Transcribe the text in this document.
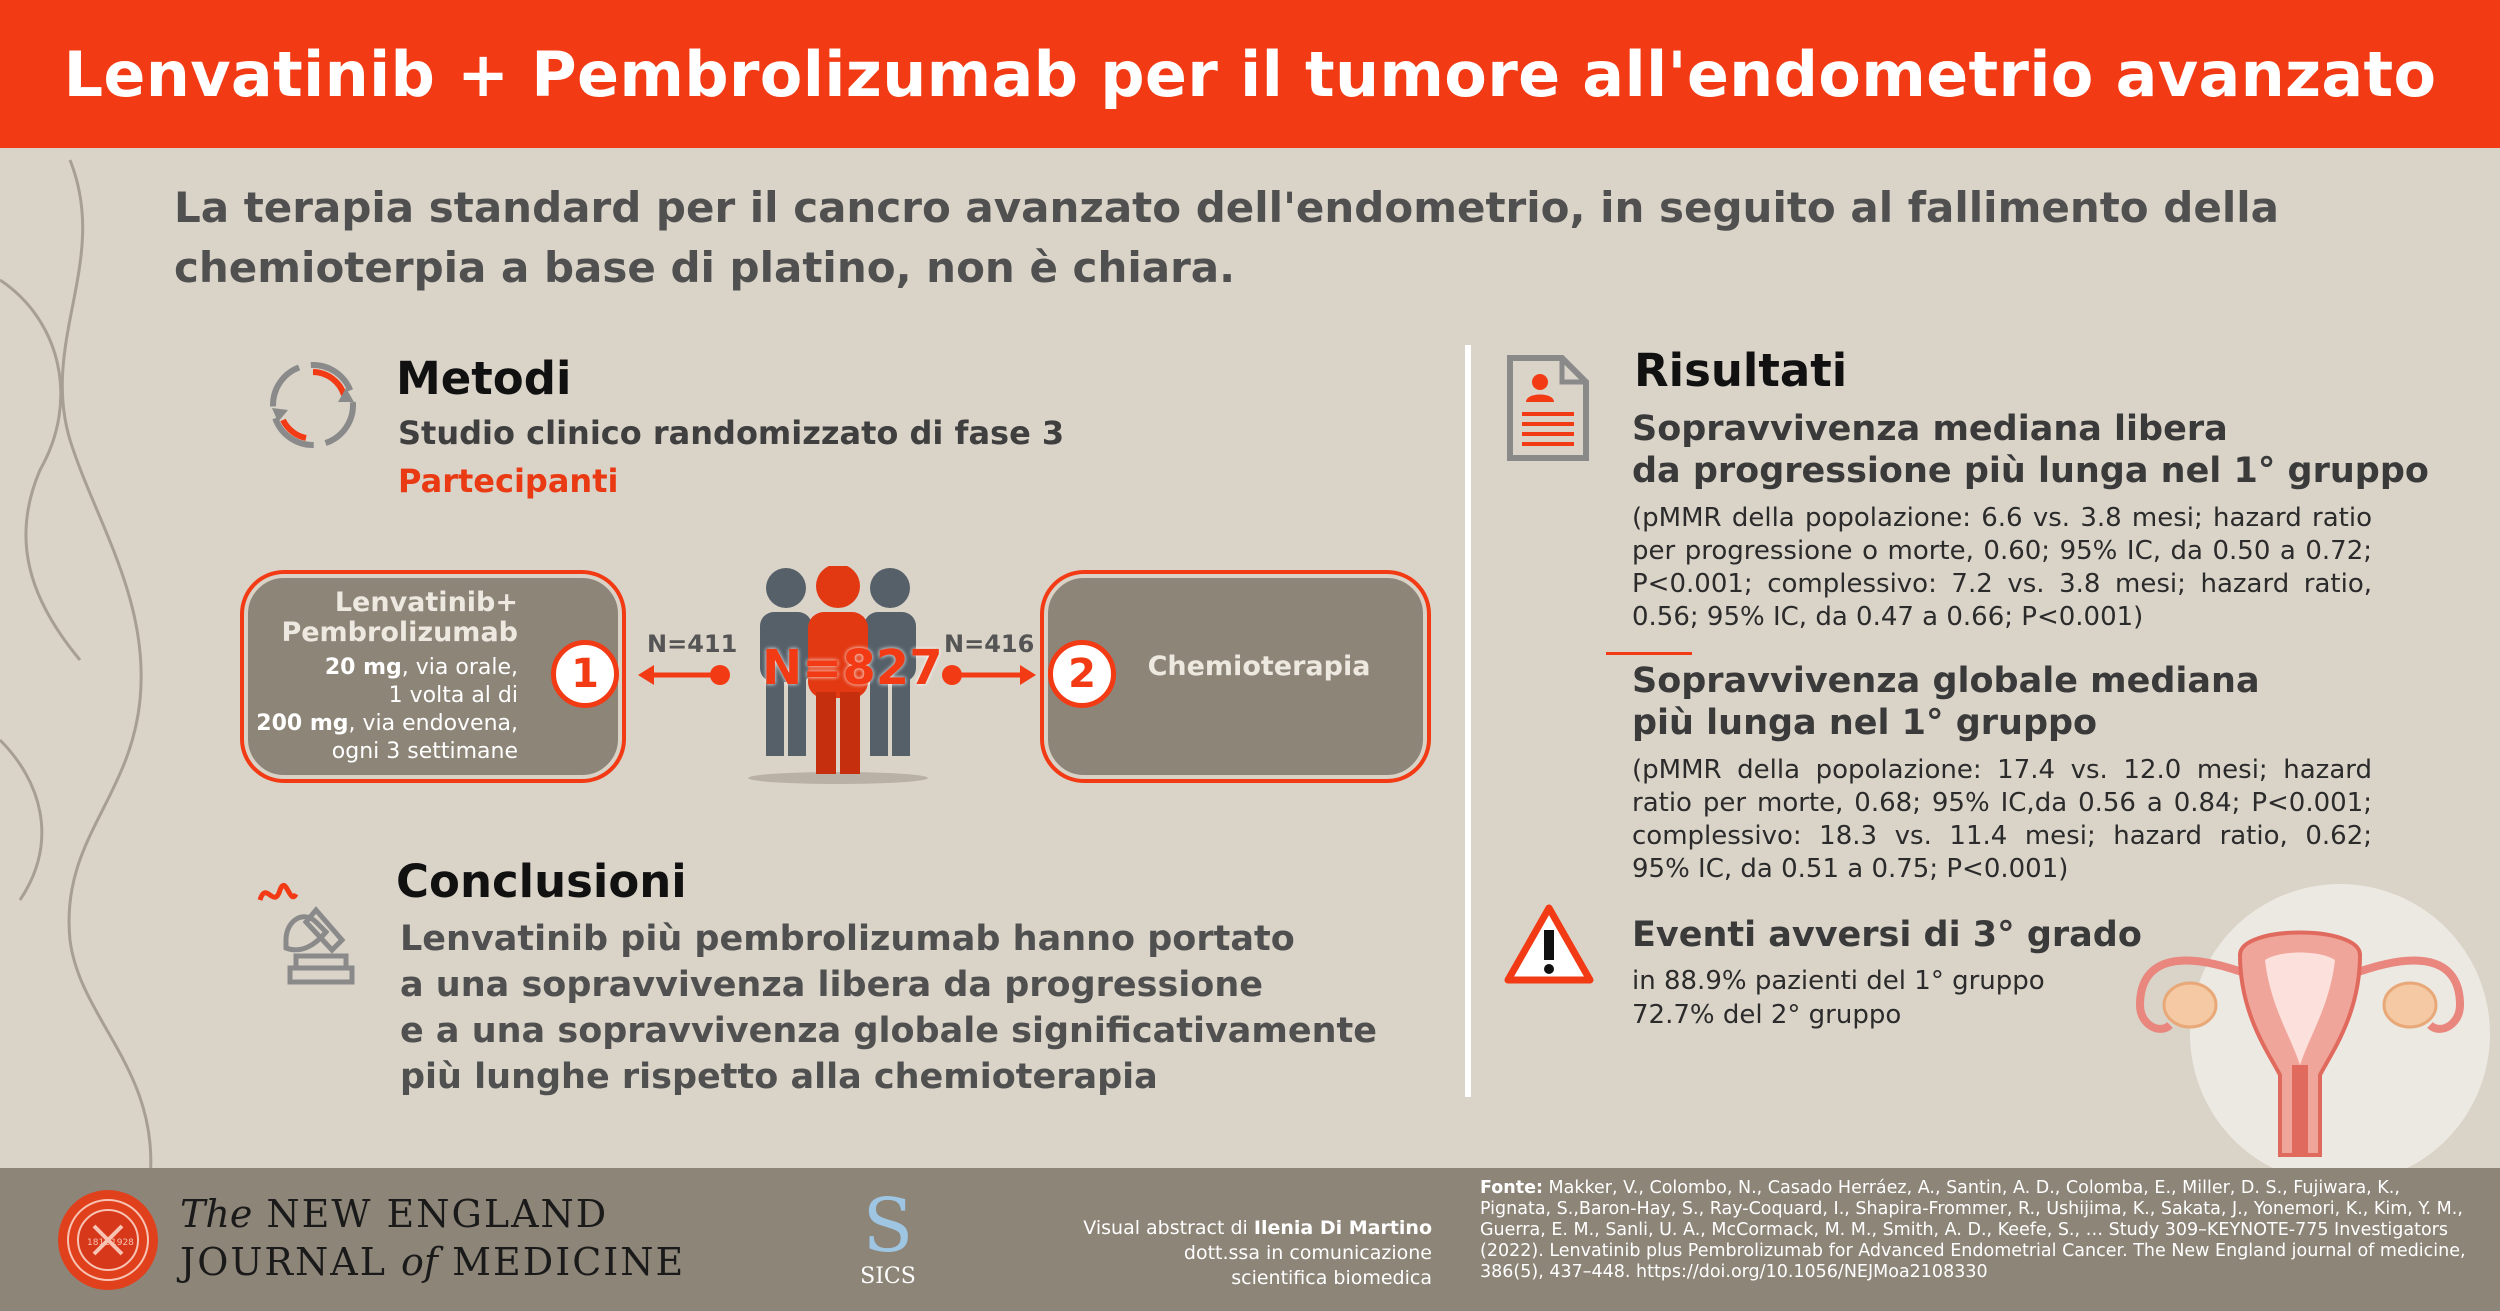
Lenvatinib + Pembrolizumab per il tumore all'endometrio avanzato
La terapia standard per il cancro avanzato dell'endometrio, in seguito al fallimento della chemioterpia a base di platino, non è chiara.
Metodi
Studio clinico randomizzato di fase 3
Partecipanti
Lenvatinib+
Pembrolizumab
20 mg, via orale,
1 volta al di
200 mg, via endovena,
ogni 3 settimane
1
N=411	N=416
N=827	2	Chemioterapia
Conclusioni
Lenvatinib più pembrolizumab hanno portato
a una sopravvivenza libera da progressione
e a una sopravvivenza globale significativamente
più lunghe rispetto alla chemioterapia
Risultati
Sopravvivenza mediana libera
da progressione più lunga nel 1° gruppo
(pMMR della popolazione: 6.6 vs. 3.8 mesi; hazard ratio per progressione o morte, 0.60; 95% IC, da 0.50 a 0.72; P<0.001; complessivo: 7.2 vs. 3.8 mesi; hazard ratio, 0.56; 95% IC, da 0.47 a 0.66; P<0.001)
Sopravvivenza globale mediana
più lunga nel 1° gruppo
(pMMR della popolazione: 17.4 vs. 12.0 mesi; hazard ratio per morte, 0.68; 95% IC,da 0.56 a 0.84; P<0.001; complessivo: 18.3 vs. 11.4 mesi; hazard ratio, 0.62; 95% IC, da 0.51 a 0.75; P<0.001)
Eventi avversi di 3° grado
in 88.9% pazienti del 1° gruppo
72.7% del 2° gruppo
1812 1928
The NEW ENGLAND
JOURNAL of MEDICINE	S
SICS
Visual abstract di Ilenia Di Martino
dott.ssa in comunicazione
scientifica biomedica
Fonte: Makker, V., Colombo, N., Casado Herráez, A., Santin, A. D., Colomba, E., Miller, D. S., Fujiwara, K., Pignata, S.,Baron-Hay, S., Ray-Coquard, I., Shapira-Frommer, R., Ushijima, K., Sakata, J., Yonemori, K., Kim, Y. M., Guerra, E. M., Sanli, U. A., McCormack, M. M., Smith, A. D., Keefe, S., … Study 309–KEYNOTE-775 Investigators (2022). Lenvatinib plus Pembrolizumab for Advanced Endometrial Cancer. The New England journal of medicine, 386(5), 437–448. https://doi.org/10.1056/NEJMoa2108330
